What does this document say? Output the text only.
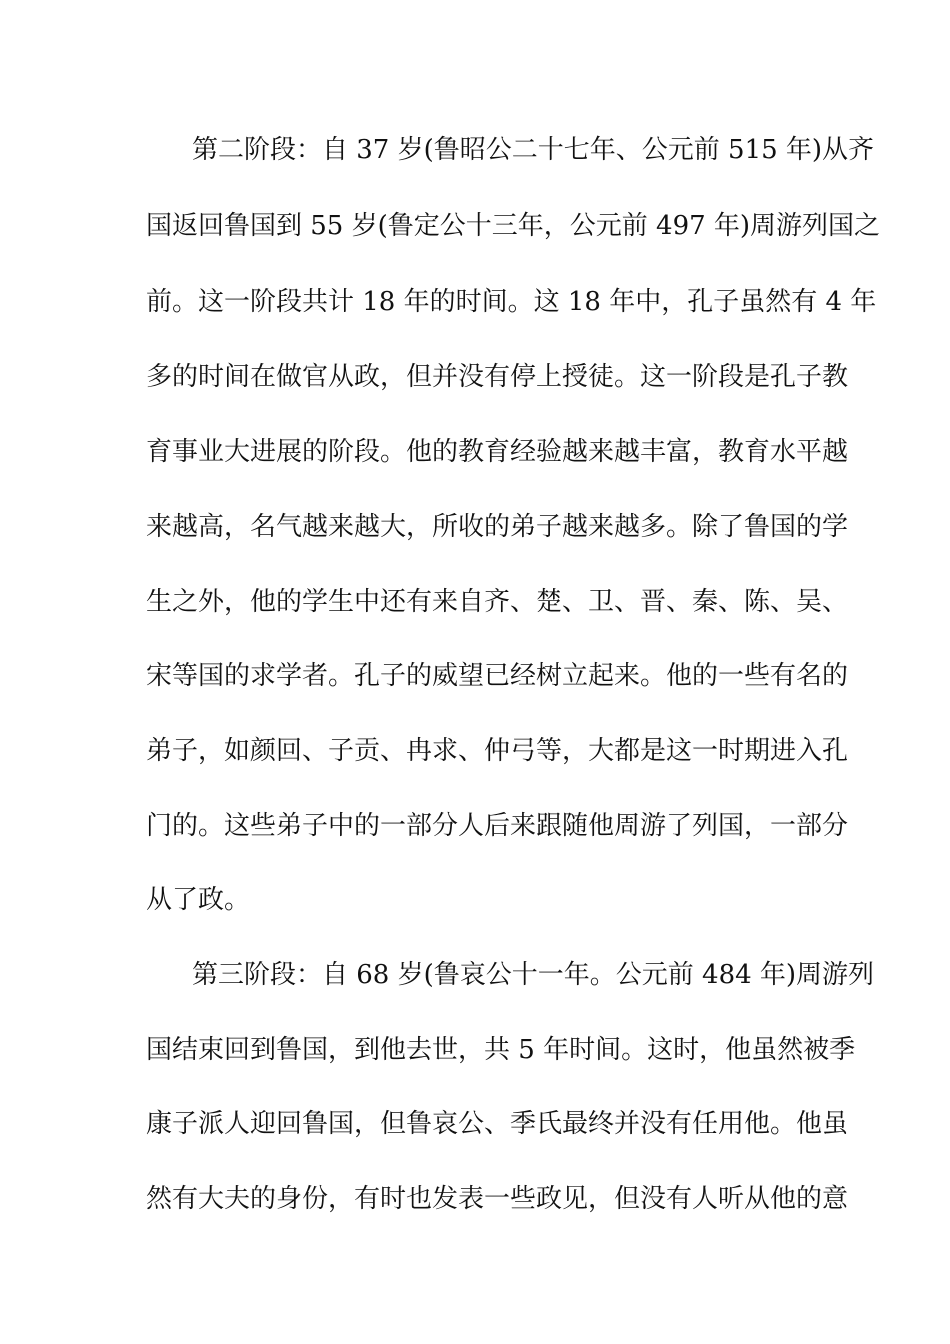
第二阶段：自 37 岁(鲁昭公二十七年、公元前 515 年)从齐
国返回鲁国到 55 岁(鲁定公十三年，公元前 497 年)周游列国之
前。这一阶段共计 18 年的时间。这 18 年中，孔子虽然有 4 年
多的时间在做官从政，但并没有停上授徒。这一阶段是孔子教
育事业大进展的阶段。他的教育经验越来越丰富，教育水平越
来越高，名气越来越大，所收的弟子越来越多。除了鲁国的学
生之外，他的学生中还有来自齐、楚、卫、晋、秦、陈、吴、
宋等国的求学者。孔子的威望已经树立起来。他的一些有名的
弟子，如颜回、子贡、冉求、仲弓等，大都是这一时期进入孔
门的。这些弟子中的一部分人后来跟随他周游了列国，一部分
从了政。
第三阶段：自 68 岁(鲁哀公十一年。公元前 484 年)周游列
国结束回到鲁国，到他去世，共 5 年时间。这时，他虽然被季
康子派人迎回鲁国，但鲁哀公、季氏最终并没有任用他。他虽
然有大夫的身份，有时也发表一些政见，但没有人听从他的意
